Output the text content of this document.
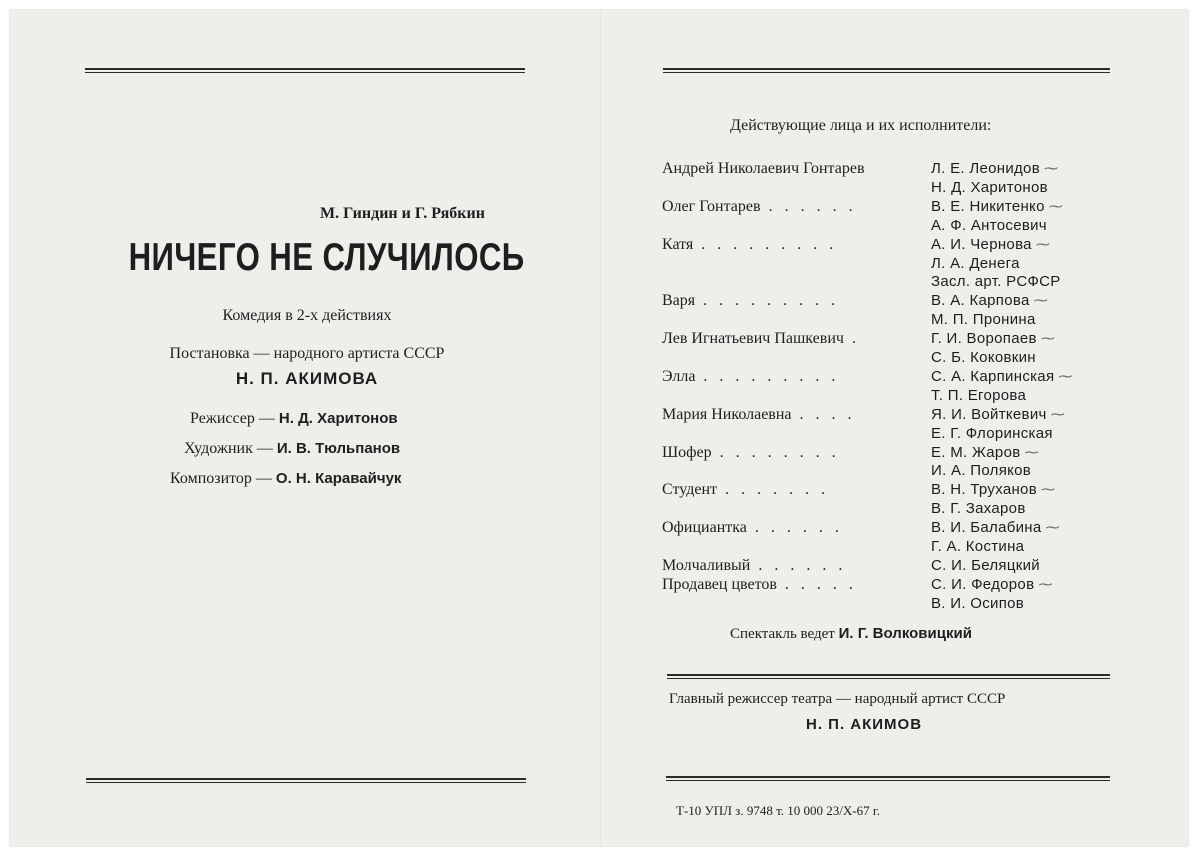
М. Гиндин и Г. Рябкин
НИЧЕГО НЕ СЛУЧИЛОСЬ
Комедия в 2-х действиях
Постановка — народного артиста СССР
Н. П. АКИМОВА
Режиссер — Н. Д. Харитонов
Художник — И. В. Тюльпанов
Композитор — О. Н. Каравайчук
Действующие лица и их исполнители:
Андрей Николаевич Гонтарев	Л. Е. Леонидов ⁓
Н. Д. Харитонов
Олег Гонтарев . . . . . .	В. Е. Никитенко ⁓
А. Ф. Антосевич
Катя . . . . . . . . .	А. И. Чернова ⁓
Л. А. Денега
Засл. арт. РСФСР
Варя . . . . . . . . .	В. А. Карпова ⁓
М. П. Пронина
Лев Игнатьевич Пашкевич .	Г. И. Воропаев ⁓
С. Б. Коковкин
Элла . . . . . . . . .	С. А. Карпинская ⁓
Т. П. Егорова
Мария Николаевна . . . .	Я. И. Войткевич ⁓
Е. Г. Флоринская
Шофер . . . . . . . .	Е. М. Жаров ⁓
И. А. Поляков
Студент . . . . . . .	В. Н. Труханов ⁓
В. Г. Захаров
Официантка . . . . . .	В. И. Балабина ⁓
Г. А. Костина
Молчаливый . . . . . .	С. И. Беляцкий
Продавец цветов . . . . .	С. И. Федоров ⁓
В. И. Осипов
Спектакль ведет И. Г. Волковицкий
Главный режиссер театра — народный артист СССР
Н. П. АКИМОВ
Т-10 УПЛ з. 9748 т. 10 000 23/Х-67 г.
